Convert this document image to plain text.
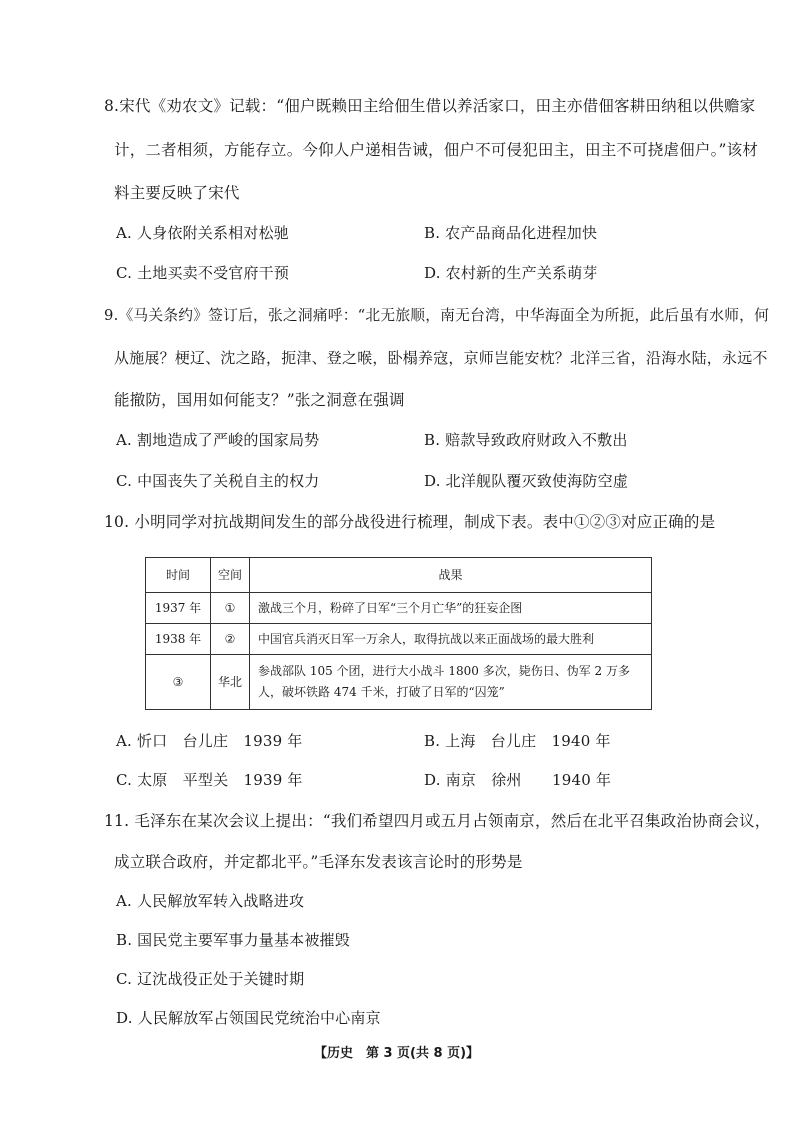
8.宋代《劝农文》记载：“佃户既赖田主给佃生借以养活家口，田主亦借佃客耕田纳租以供赡家
计，二者相须，方能存立。今仰人户递相告诫，佃户不可侵犯田主，田主不可挠虐佃户。”该材
料主要反映了宋代
A. 人身依附关系相对松驰	B. 农产品商品化进程加快
C. 土地买卖不受官府干预	D. 农村新的生产关系萌芽
9.《马关条约》签订后，张之洞痛呼：“北无旅顺，南无台湾，中华海面全为所扼，此后虽有水师，何
从施展？梗辽、沈之路，扼津、登之喉，卧榻养寇，京师岂能安枕？北洋三省，沿海水陆，永远不
能撤防，国用如何能支？”张之洞意在强调
A. 割地造成了严峻的国家局势	B. 赔款导致政府财政入不敷出
C. 中国丧失了关税自主的权力	D. 北洋舰队覆灭致使海防空虚
10. 小明同学对抗战期间发生的部分战役进行梳理，制成下表。表中①②③对应正确的是
时间	空间	战果
1937 年	①	激战三个月，粉碎了日军“三个月亡华”的狂妄企图
1938 年	②	中国官兵消灭日军一万余人，取得抗战以来正面战场的最大胜利
③	华北	参战部队 105 个团，进行大小战斗 1800 多次，毙伤日、伪军 2 万多人，破坏铁路 474 千米，打破了日军的“囚笼”
A. 忻口　台儿庄　1939 年	B. 上海　台儿庄　1940 年
C. 太原　平型关　1939 年	D. 南京　徐州　　1940 年
11. 毛泽东在某次会议上提出：“我们希望四月或五月占领南京，然后在北平召集政治协商会议，
成立联合政府，并定都北平。”毛泽东发表该言论时的形势是
A. 人民解放军转入战略进攻
B. 国民党主要军事力量基本被摧毁
C. 辽沈战役正处于关键时期
D. 人民解放军占领国民党统治中心南京
【历史　第 3 页(共 8 页)】
